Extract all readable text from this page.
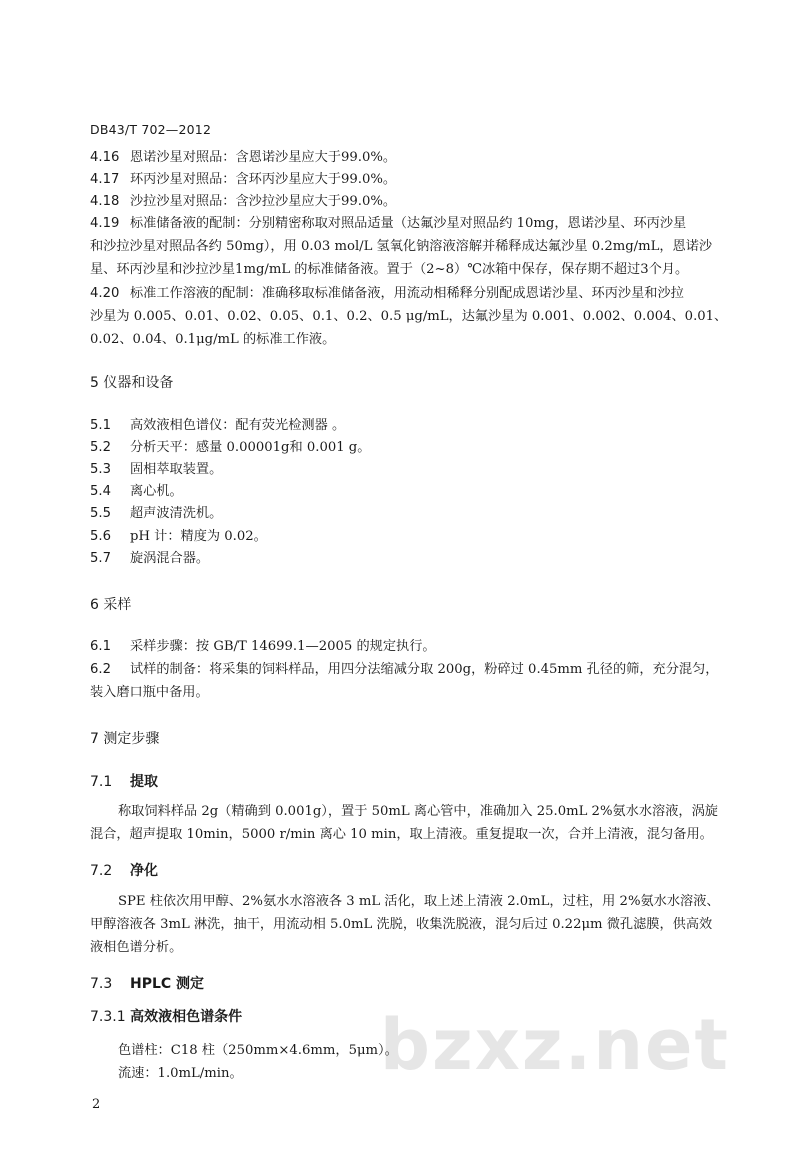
DB43/T 702—2012
4.16 恩诺沙星对照品：含恩诺沙星应大于99.0%。
4.17 环丙沙星对照品：含环丙沙星应大于99.0%。
4.18 沙拉沙星对照品：含沙拉沙星应大于99.0%。
4.19 标准储备液的配制：分别精密称取对照品适量（达氟沙星对照品约 10mg，恩诺沙星、环丙沙星
和沙拉沙星对照品各约 50mg），用 0.03 mol/L 氢氧化钠溶液溶解并稀释成达氟沙星 0.2mg/mL，恩诺沙
星、环丙沙星和沙拉沙星1mg/mL 的标准储备液。置于（2~8）℃冰箱中保存，保存期不超过3个月。
4.20 标准工作溶液的配制：准确移取标准储备液，用流动相稀释分别配成恩诺沙星、环丙沙星和沙拉
沙星为 0.005、0.01、0.02、0.05、0.1、0.2、0.5 μg/mL，达氟沙星为 0.001、0.002、0.004、0.01、
0.02、0.04、0.1μg/mL 的标准工作液。
5 仪器和设备
5.1 高效液相色谱仪：配有荧光检测器 。
5.2 分析天平：感量 0.00001g和 0.001 g。
5.3 固相萃取装置。
5.4 离心机。
5.5 超声波清洗机。
5.6 pH 计：精度为 0.02。
5.7 旋涡混合器。
6 采样
6.1 采样步骤：按 GB/T 14699.1—2005 的规定执行。
6.2 试样的制备：将采集的饲料样品，用四分法缩减分取 200g，粉碎过 0.45mm 孔径的筛，充分混匀，
装入磨口瓶中备用。
7 测定步骤
7.1 提取
称取饲料样品 2g（精确到 0.001g），置于 50mL 离心管中，准确加入 25.0mL 2%氨水水溶液，涡旋
混合，超声提取 10min，5000 r/min 离心 10 min，取上清液。重复提取一次，合并上清液，混匀备用。
7.2 净化
SPE 柱依次用甲醇、2%氨水水溶液各 3 mL 活化，取上述上清液 2.0mL，过柱，用 2%氨水水溶液、
甲醇溶液各 3mL 淋洗，抽干，用流动相 5.0mL 洗脱，收集洗脱液，混匀后过 0.22μm 微孔滤膜，供高效
液相色谱分析。
7.3 HPLC 测定
7.3.1 高效液相色谱条件 bzxz.net
色谱柱：C18 柱（250mm×4.6mm，5μm）。
流速：1.0mL/min。
2
